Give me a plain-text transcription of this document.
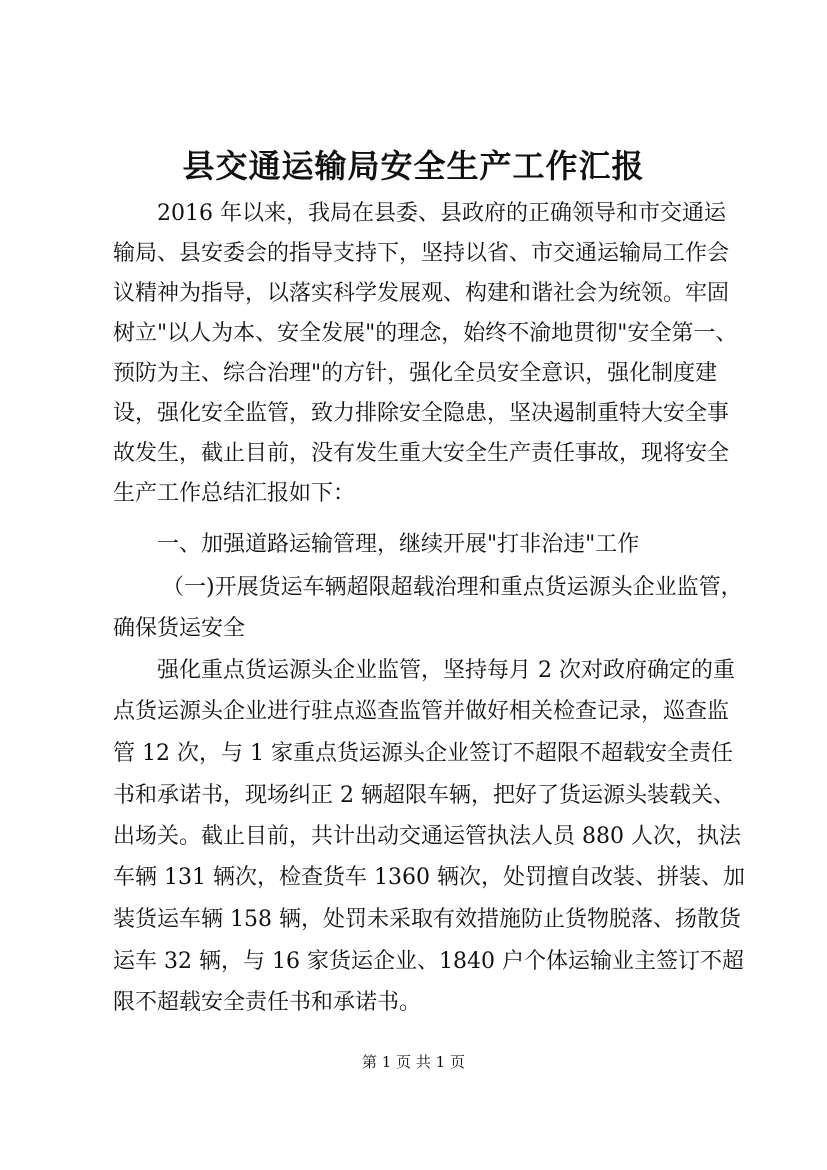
县交通运输局安全生产工作汇报

2016 年以来，我局在县委、县政府的正确领导和市交通运

输局、县安委会的指导支持下，坚持以省、市交通运输局工作会

议精神为指导，以落实科学发展观、构建和谐社会为统领。牢固

树立"以人为本、安全发展"的理念，始终不渝地贯彻"安全第一、

预防为主、综合治理"的方针，强化全员安全意识，强化制度建

设，强化安全监管，致力排除安全隐患，坚决遏制重特大安全事

故发生，截止目前，没有发生重大安全生产责任事故，现将安全

生产工作总结汇报如下：

一、加强道路运输管理，继续开展"打非治违"工作

（一)开展货运车辆超限超载治理和重点货运源头企业监管，

确保货运安全

强化重点货运源头企业监管，坚持每月 2 次对政府确定的重

点货运源头企业进行驻点巡查监管并做好相关检查记录，巡查监

管 12 次，与 1 家重点货运源头企业签订不超限不超载安全责任

书和承诺书，现场纠正 2 辆超限车辆，把好了货运源头装载关、

出场关。截止目前，共计出动交通运管执法人员 880 人次，执法

车辆 131 辆次，检查货车 1360 辆次，处罚擅自改装、拼装、加

装货运车辆 158 辆，处罚未采取有效措施防止货物脱落、扬散货

运车 32 辆，与 16 家货运企业、1840 户个体运输业主签订不超

限不超载安全责任书和承诺书。

第 1 页 共 1 页
